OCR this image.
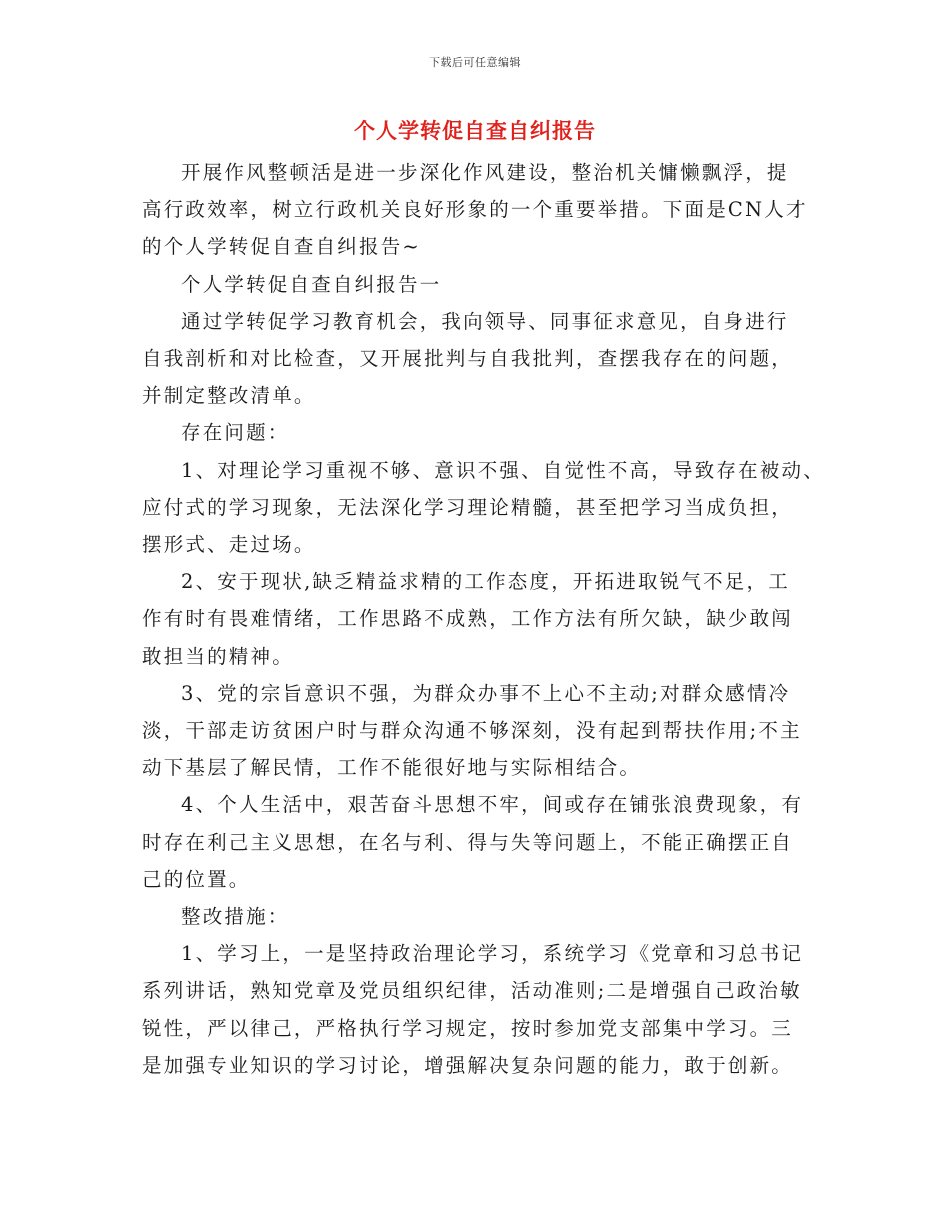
下载后可任意编辑
个人学转促自查自纠报告

开展作风整顿活是进一步深化作风建设，整治机关慵懒飘浮，提
高行政效率，树立行政机关良好形象的一个重要举措。下面是CN人才
的个人学转促自查自纠报告~

个人学转促自查自纠报告一

通过学转促学习教育机会，我向领导、同事征求意见，自身进行
自我剖析和对比检查，又开展批判与自我批判，查摆我存在的问题，
并制定整改清单。

存在问题：

1、对理论学习重视不够、意识不强、自觉性不高，导致存在被动、
应付式的学习现象，无法深化学习理论精髓，甚至把学习当成负担，
摆形式、走过场。

2、安于现状,缺乏精益求精的工作态度，开拓进取锐气不足，工
作有时有畏难情绪，工作思路不成熟，工作方法有所欠缺，缺少敢闯
敢担当的精神。

3、党的宗旨意识不强，为群众办事不上心不主动;对群众感情冷
淡，干部走访贫困户时与群众沟通不够深刻，没有起到帮扶作用;不主
动下基层了解民情，工作不能很好地与实际相结合。

4、个人生活中，艰苦奋斗思想不牢，间或存在铺张浪费现象，有
时存在利己主义思想，在名与利、得与失等问题上，不能正确摆正自
己的位置。

整改措施：

1、学习上，一是坚持政治理论学习，系统学习《党章和习总书记
系列讲话，熟知党章及党员组织纪律，活动准则;二是增强自己政治敏
锐性，严以律己，严格执行学习规定，按时参加党支部集中学习。三
是加强专业知识的学习讨论，增强解决复杂问题的能力，敢于创新。
